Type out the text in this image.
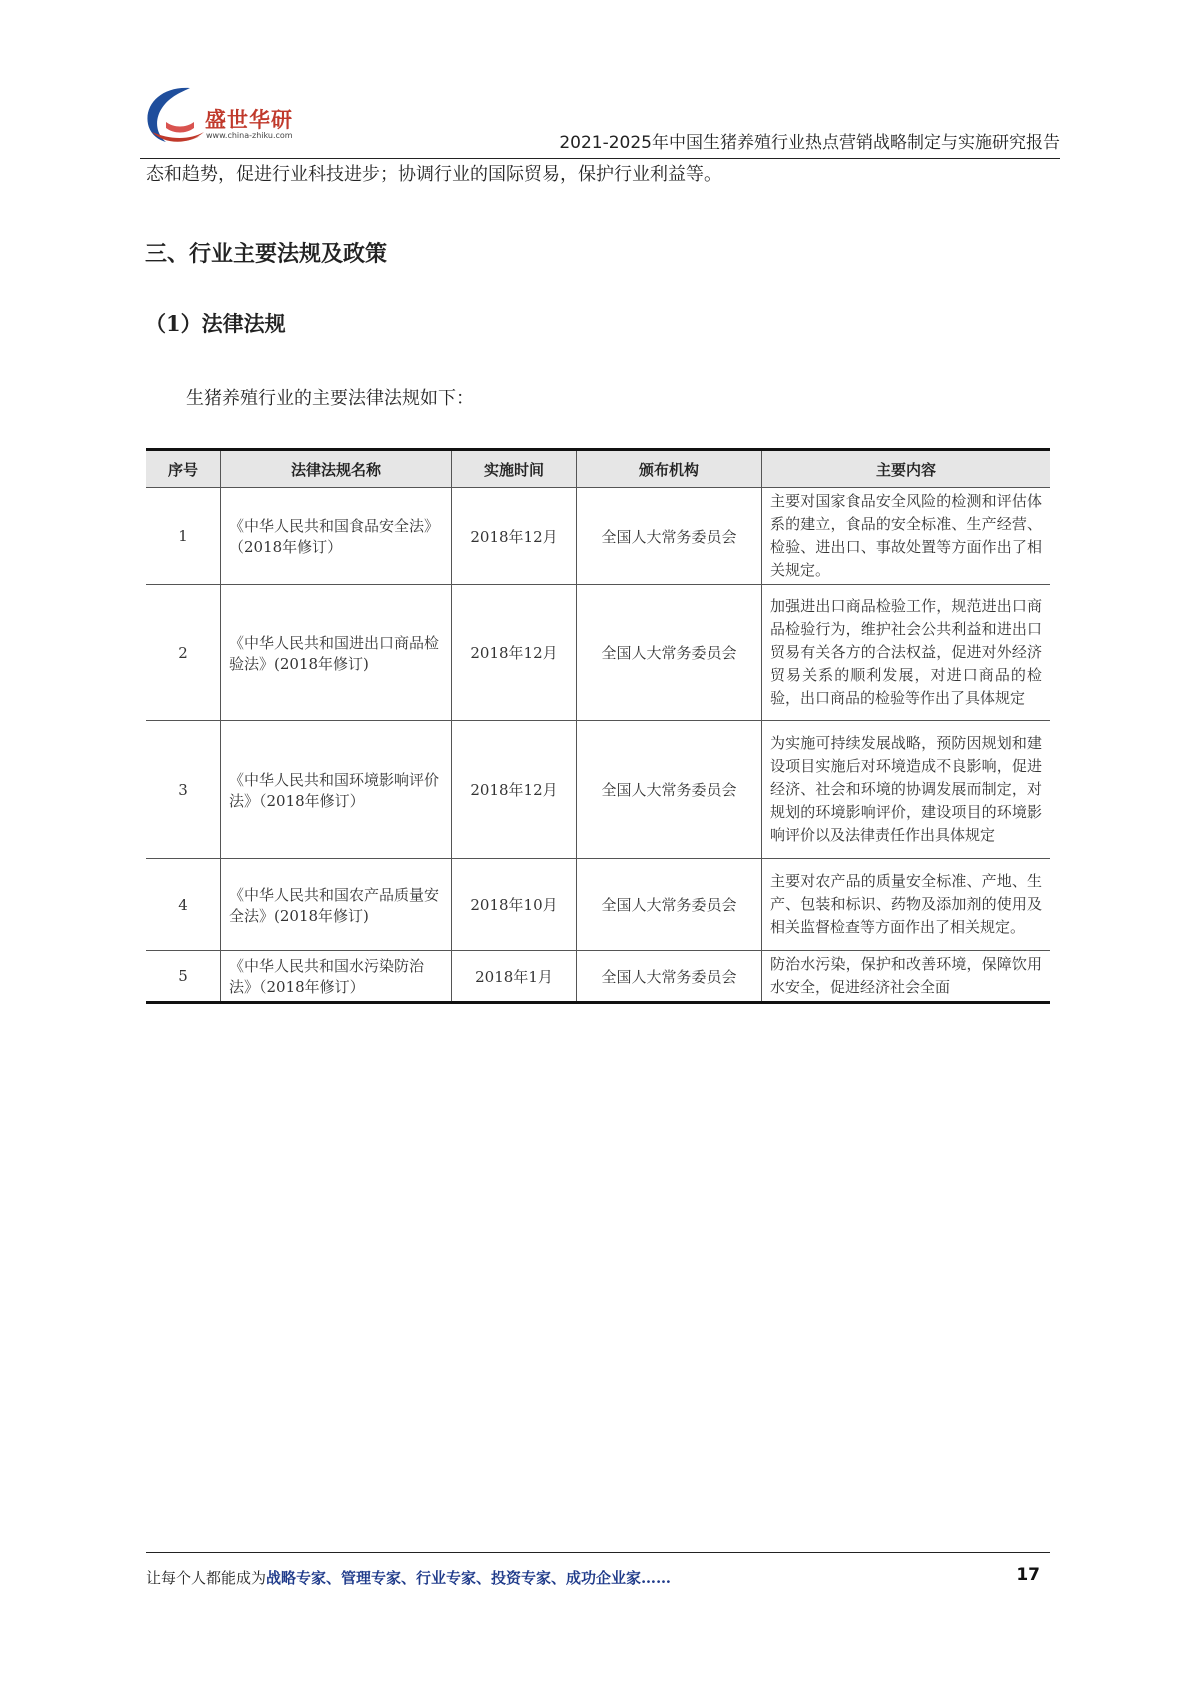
盛世华研
www.china-zhiku.com	2021-2025年中国生猪养殖行业热点营销战略制定与实施研究报告
态和趋势，促进行业科技进步；协调行业的国际贸易，保护行业利益等。
三、行业主要法规及政策
（1）法律法规
生猪养殖行业的主要法律法规如下：
序号	法律法规名称	实施时间	颁布机构	主要内容
1	《中华人民共和国食品安全法》（2018年修订）	2018年12月	全国人大常务委员会	主要对国家食品安全风险的检测和评估体系的建立，食品的安全标准、生产经营、检验、进出口、事故处置等方面作出了相关规定。
2	《中华人民共和国进出口商品检验法》(2018年修订)	2018年12月	全国人大常务委员会	加强进出口商品检验工作，规范进出口商品检验行为，维护社会公共利益和进出口贸易有关各方的合法权益，促进对外经济贸易关系的顺利发展，对进口商品的检验，出口商品的检验等作出了具体规定
3	《中华人民共和国环境影响评价法》（2018年修订）	2018年12月	全国人大常务委员会	为实施可持续发展战略，预防因规划和建设项目实施后对环境造成不良影响，促进经济、社会和环境的协调发展而制定，对规划的环境影响评价，建设项目的环境影响评价以及法律责任作出具体规定
4	《中华人民共和国农产品质量安全法》(2018年修订)	2018年10月	全国人大常务委员会	主要对农产品的质量安全标准、产地、生产、包装和标识、药物及添加剂的使用及相关监督检查等方面作出了相关规定。
5	《中华人民共和国水污染防治法》（2018年修订）	2018年1月	全国人大常务委员会	防治水污染，保护和改善环境，保障饮用水安全，促进经济社会全面
让每个人都能成为战略专家、管理专家、行业专家、投资专家、成功企业家……	17
